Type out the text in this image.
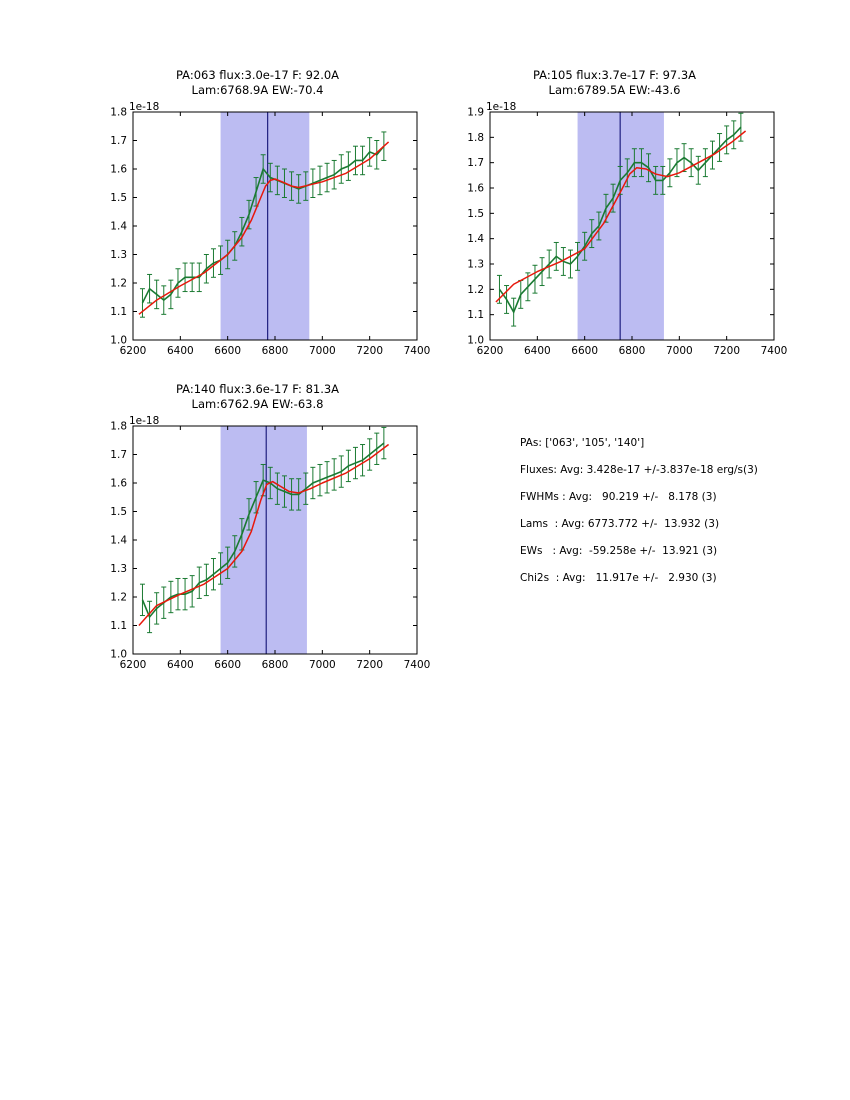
PA:063 flux:3.0e-17 F: 92.0A
Lam:6768.9A EW:-70.4
6200 6400 6600 6800 7000 7200 7400
1.0
1.1
1.2
1.3
1.4
1.5
1.6
1.7
1.8 1e-18
PA:105 flux:3.7e-17 F: 97.3A
Lam:6789.5A EW:-43.6
6200 6400 6600 6800 7000 7200 7400
1.0
1.1
1.2
1.3
1.4
1.5
1.6
1.7
1.8
1.9 1e-18
PA:140 flux:3.6e-17 F: 81.3A
Lam:6762.9A EW:-63.8
6200 6400 6600 6800 7000 7200 7400
1.0
1.1
1.2
1.3
1.4
1.5
1.6
1.7
1.8 1e-18
PAs: ['063', '105', '140']
Fluxes: Avg: 3.428e-17 +/-3.837e-18 erg/s(3)
FWHMs : Avg:   90.219 +/-   8.178 (3)
Lams  : Avg: 6773.772 +/-  13.932 (3)
EWs   : Avg:  -59.258e +/-  13.921 (3)
Chi2s  : Avg:   11.917e +/-   2.930 (3)
